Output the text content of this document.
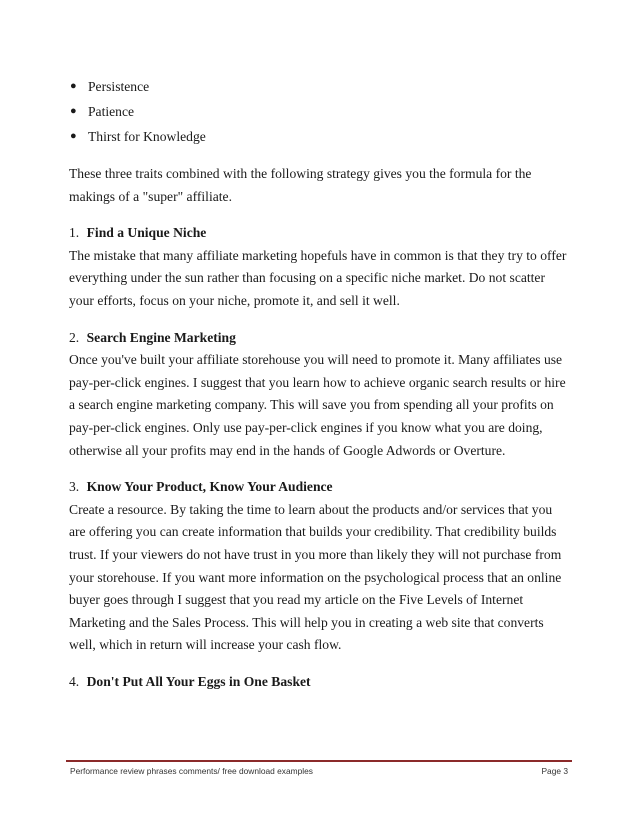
● Persistence
● Patience
● Thirst for Knowledge

These three traits combined with the following strategy gives you the formula for the makings of a "super" affiliate.

1. Find a Unique Niche

The mistake that many affiliate marketing hopefuls have in common is that they try to offer everything under the sun rather than focusing on a specific niche market. Do not scatter your efforts, focus on your niche, promote it, and sell it well.

2. Search Engine Marketing

Once you've built your affiliate storehouse you will need to promote it. Many affiliates use pay-per-click engines. I suggest that you learn how to achieve organic search results or hire a search engine marketing company. This will save you from spending all your profits on pay-per-click engines. Only use pay-per-click engines if you know what you are doing, otherwise all your profits may end in the hands of Google Adwords or Overture.

3. Know Your Product, Know Your Audience

Create a resource. By taking the time to learn about the products and/or services that you are offering you can create information that builds your credibility. That credibility builds trust. If your viewers do not have trust in you more than likely they will not purchase from your storehouse. If you want more information on the psychological process that an online buyer goes through I suggest that you read my article on the Five Levels of Internet Marketing and the Sales Process. This will help you in creating a web site that converts well, which in return will increase your cash flow.

4. Don't Put All Your Eggs in One Basket

Performance review phrases comments/ free download examples	Page 3
